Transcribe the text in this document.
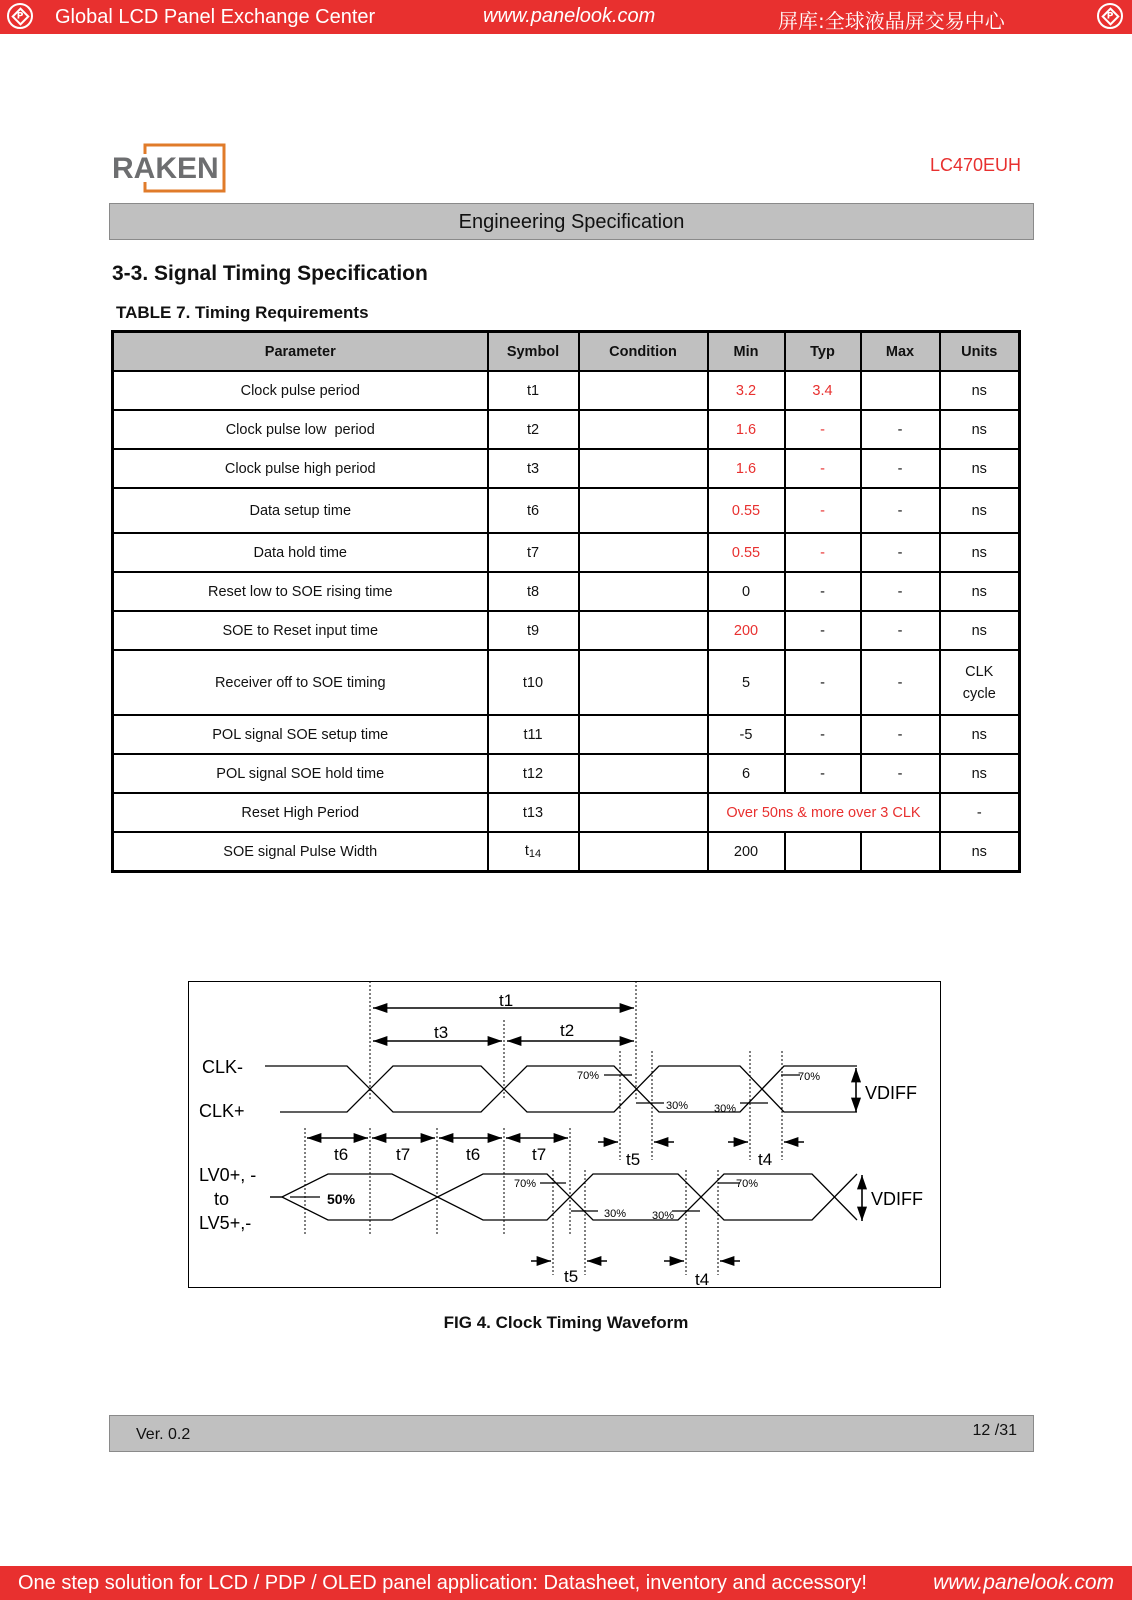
P Global LCD Panel Exchange Center	www.panelook.com	屏库:全球液晶屏交易中心	P
RAKEN	LC470EUH
Engineering Specification
3-3. Signal Timing Specification
TABLE 7. Timing Requirements
Parameter	Symbol	Condition	Min	Typ	Max	Units
Clock pulse period	t1		3.2	3.4		ns
Clock pulse low  period	t2		1.6	-	-	ns
Clock pulse high period	t3		1.6	-	-	ns
Data setup time	t6		0.55	-	-	ns
Data hold time	t7		0.55	-	-	ns
Reset low to SOE rising time	t8		0	-	-	ns
SOE to Reset input time	t9		200	-	-	ns
Receiver off to SOE timing	t10		5	-	-	CLK
cycle
POL signal SOE setup time	t11		-5	-	-	ns
POL signal SOE hold time	t12		6	-	-	ns
Reset High Period	t13		Over 50ns & more over 3 CLK			-
SOE signal Pulse Width	$t_{14}$		200			ns
CLK-
CLK+
LV0+, -
to
LV5+,-
VDIFF
VDIFF
t1
t3	t2
t6	t7	t6	t7	t5	t4
t5	t4
70%
30% 30%
70%
70%
30% 30%
70%
50%
FIG 4. Clock Timing Waveform
Ver. 0.2	12 /31
One step solution for LCD / PDP / OLED panel application: Datasheet, inventory and accessory!	www.panelook.com
